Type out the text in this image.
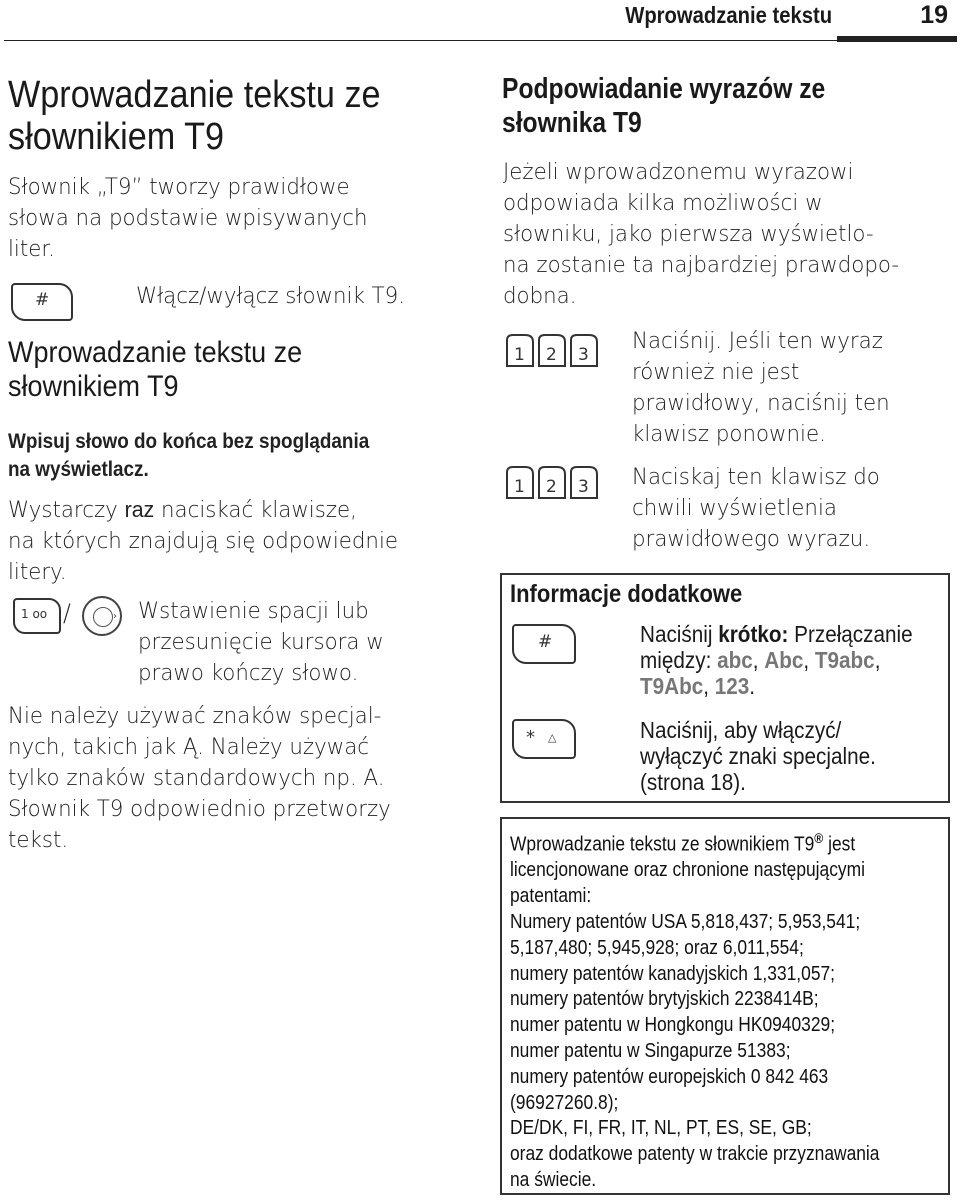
Wprowadzanie tekstu	19
Wprowadzanie tekstu ze
słownikiem T9
Słownik „T9” tworzy prawidłowe
słowa na podstawie wpisywanych
liter.
#	Włącz/wyłącz słownik T9.
Wprowadzanie tekstu ze
słownikiem T9
Wpisuj słowo do końca bez spoglądania
na wyświetlacz.
Wystarczy raz naciskać klawisze,
na których znajdują się odpowiednie
litery.
1 ﻿oo /	› Wstawienie spacji lub
przesunięcie kursora w
prawo kończy słowo.
Nie należy używać znaków specjal-
nych, takich jak Ą. Należy używać
tylko znaków standardowych np. A.
Słownik T9 odpowiednio przetworzy
tekst.
Podpowiadanie wyrazów ze
słownika T9
Jeżeli wprowadzonemu wyrazowi
odpowiada kilka możliwości w
słowniku, jako pierwsza wyświetlo-
na zostanie ta najbardziej prawdopo-
dobna.
1 2 3
Naciśnij. Jeśli ten wyraz
również nie jest
prawidłowy, naciśnij ten
klawisz ponownie.
1 2 3 Naciskaj ten klawisz do
chwili wyświetlenia
prawidłowego wyrazu.
Informacje dodatkowe
#	Naciśnij krótko: Przełączanie
między: abc, Abc, T9abc,
T9Abc, 123.
* △	Naciśnij, aby włączyć/
wyłączyć znaki specjalne.
(strona 18).
Wprowadzanie tekstu ze słownikiem T9® jest
licencjonowane oraz chronione następującymi
patentami:
Numery patentów USA 5,818,437; 5,953,541;
5,187,480; 5,945,928; oraz 6,011,554;
numery patentów kanadyjskich 1,331,057;
numery patentów brytyjskich 2238414B;
numer patentu w Hongkongu HK0940329;
numer patentu w Singapurze 51383;
numery patentów europejskich 0 842 463
(96927260.8);
DE/DK, FI, FR, IT, NL, PT, ES, SE, GB;
oraz dodatkowe patenty w trakcie przyznawania
na świecie.
